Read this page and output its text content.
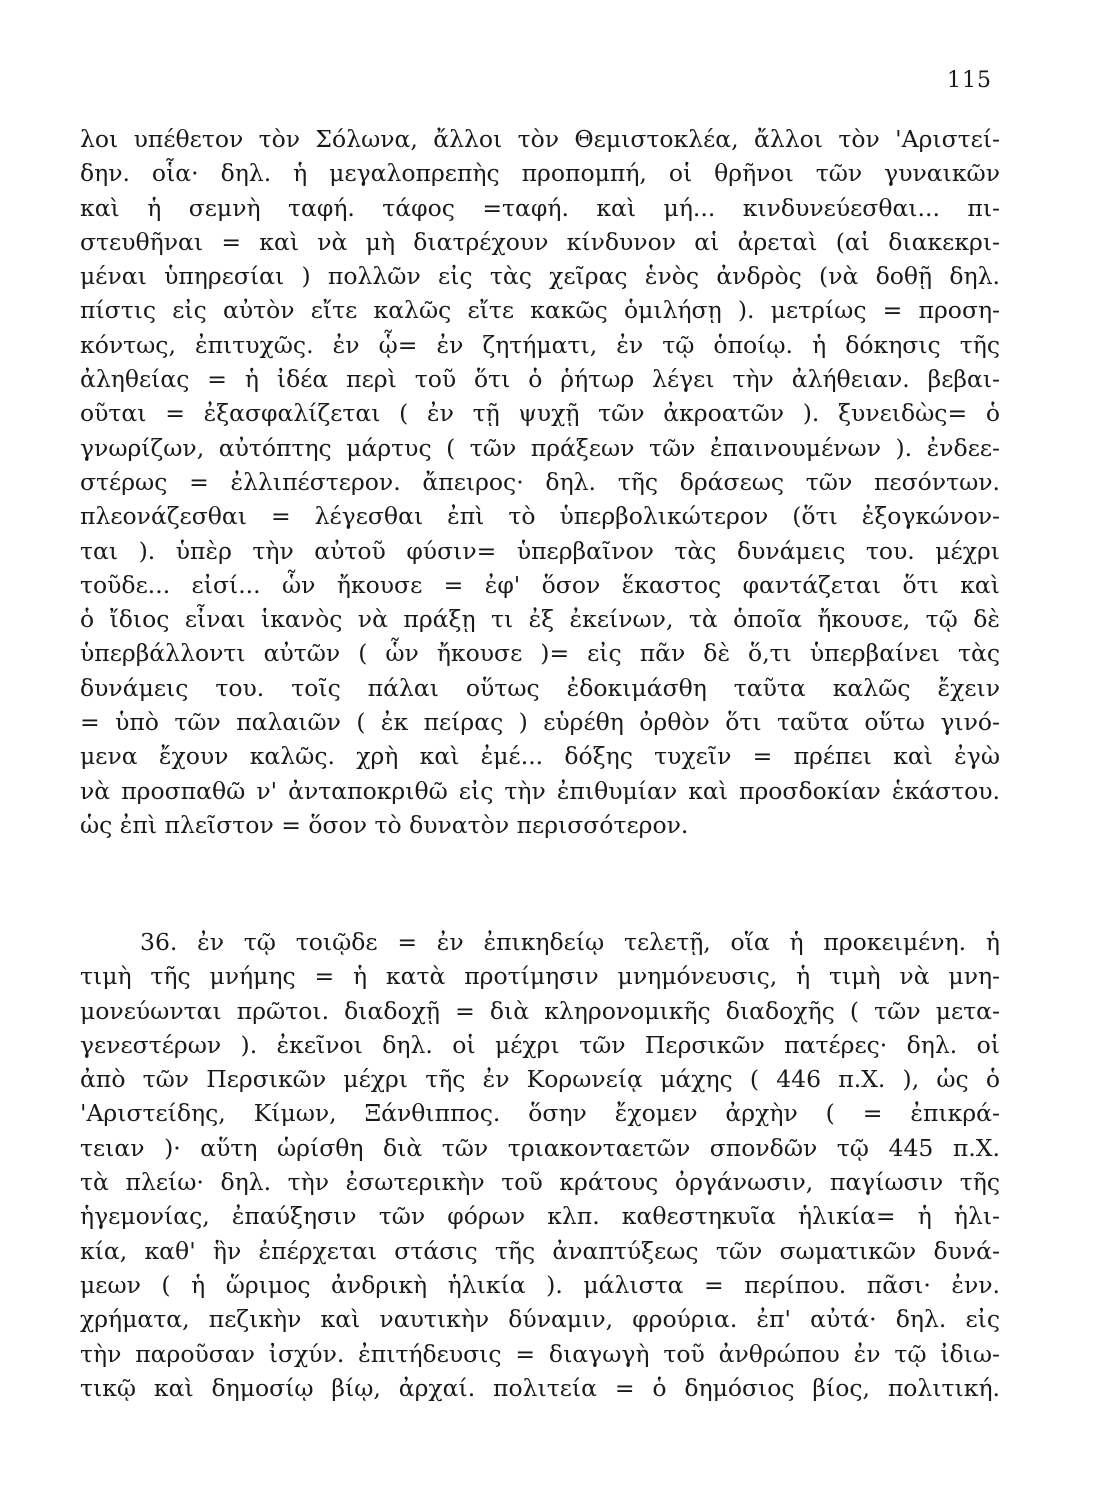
115
λοι υπέθετον τὸν Σόλωνα, ἄλλοι τὸν Θεμιστοκλέα, ἄλλοι τὸν 'Αριστεί-
δην. οἷα· δηλ. ἡ μεγαλοπρεπὴς προπομπή, οἱ θρῆνοι τῶν γυναικῶν
καὶ ἡ σεμνὴ ταφή. τάφος =ταφή. καὶ μή... κινδυνεύεσθαι... πι-
στευθῆναι = καὶ νὰ μὴ διατρέχουν κίνδυνον αἱ ἀρεταὶ (αἱ διακεκρι-
μέναι ὑπηρεσίαι ) πολλῶν εἰς τὰς χεῖρας ἑνὸς ἀνδρὸς (νὰ δοθῇ δηλ.
πίστις εἰς αὐτὸν εἴτε καλῶς εἴτε κακῶς ὁμιλήσῃ ). μετρίως = προση-
κόντως, ἐπιτυχῶς. ἐν ᾧ= ἐν ζητήματι, ἐν τῷ ὁποίῳ. ἡ δόκησις τῆς
ἀληθείας = ἡ ἰδέα περὶ τοῦ ὅτι ὁ ῥήτωρ λέγει τὴν ἀλήθειαν. βεβαι-
οῦται = ἐξασφαλίζεται ( ἐν τῇ ψυχῇ τῶν ἀκροατῶν ). ξυνειδὼς= ὁ
γνωρίζων, αὐτόπτης μάρτυς ( τῶν πράξεων τῶν ἐπαινουμένων ). ἐνδεε-
στέρως = ἐλλιπέστερον. ἄπειρος· δηλ. τῆς δράσεως τῶν πεσόντων.
πλεονάζεσθαι = λέγεσθαι ἐπὶ τὸ ὑπερβολικώτερον (ὅτι ἐξογκώνον-
ται ). ὑπὲρ τὴν αὐτοῦ φύσιν= ὑπερβαῖνον τὰς δυνάμεις του. μέχρι
τοῦδε... εἰσί... ὧν ἤκουσε = ἐφ' ὅσον ἕκαστος φαντάζεται ὅτι καὶ
ὁ ἴδιος εἶναι ἱκανὸς νὰ πράξῃ τι ἐξ ἐκείνων, τὰ ὁποῖα ἤκουσε, τῷ δὲ
ὑπερβάλλοντι αὐτῶν ( ὧν ἤκουσε )= εἰς πᾶν δὲ ὅ,τι ὑπερβαίνει τὰς
δυνάμεις του. τοῖς πάλαι οὕτως ἐδοκιμάσθη ταῦτα καλῶς ἔχειν
= ὑπὸ τῶν παλαιῶν ( ἐκ πείρας ) εὑρέθη ὀρθὸν ὅτι ταῦτα οὕτω γινό-
μενα ἔχουν καλῶς. χρὴ καὶ ἐμέ... δόξης τυχεῖν = πρέπει καὶ ἐγὼ
νὰ προσπαθῶ ν' ἀνταποκριθῶ εἰς τὴν ἐπιθυμίαν καὶ προσδοκίαν ἑκάστου.
ὡς ἐπὶ πλεῖστον = ὅσον τὸ δυνατὸν περισσότερον.
36. ἐν τῷ τοιῷδε = ἐν ἐπικηδείῳ τελετῇ, οἵα ἡ προκειμένη. ἡ
τιμὴ τῆς μνήμης = ἡ κατὰ προτίμησιν μνημόνευσις, ἡ τιμὴ νὰ μνη-
μονεύωνται πρῶτοι. διαδοχῇ = διὰ κληρονομικῆς διαδοχῆς ( τῶν μετα-
γενεστέρων ). ἐκεῖνοι δηλ. οἱ μέχρι τῶν Περσικῶν πατέρες· δηλ. οἱ
ἀπὸ τῶν Περσικῶν μέχρι τῆς ἐν Κορωνείᾳ μάχης ( 446 π.Χ. ), ὡς ὁ
'Αριστείδης, Κίμων, Ξάνθιππος. ὅσην ἔχομεν ἀρχὴν ( = ἐπικρά-
τειαν )· αὕτη ὡρίσθη διὰ τῶν τριακονταετῶν σπονδῶν τῷ 445 π.Χ.
τὰ πλείω· δηλ. τὴν ἐσωτερικὴν τοῦ κράτους ὀργάνωσιν, παγίωσιν τῆς
ἡγεμονίας, ἐπαύξησιν τῶν φόρων κλπ. καθεστηκυῖα ἡλικία= ἡ ἡλι-
κία, καθ' ἣν ἐπέρχεται στάσις τῆς ἀναπτύξεως τῶν σωματικῶν δυνά-
μεων ( ἡ ὥριμος ἀνδρικὴ ἡλικία ). μάλιστα = περίπου. πᾶσι· ἐνν.
χρήματα, πεζικὴν καὶ ναυτικὴν δύναμιν, φρούρια. ἐπ' αὐτά· δηλ. εἰς
τὴν παροῦσαν ἰσχύν. ἐπιτήδευσις = διαγωγὴ τοῦ ἀνθρώπου ἐν τῷ ἰδιω-
τικῷ καὶ δημοσίῳ βίῳ, ἀρχαί. πολιτεία = ὁ δημόσιος βίος, πολιτική.
